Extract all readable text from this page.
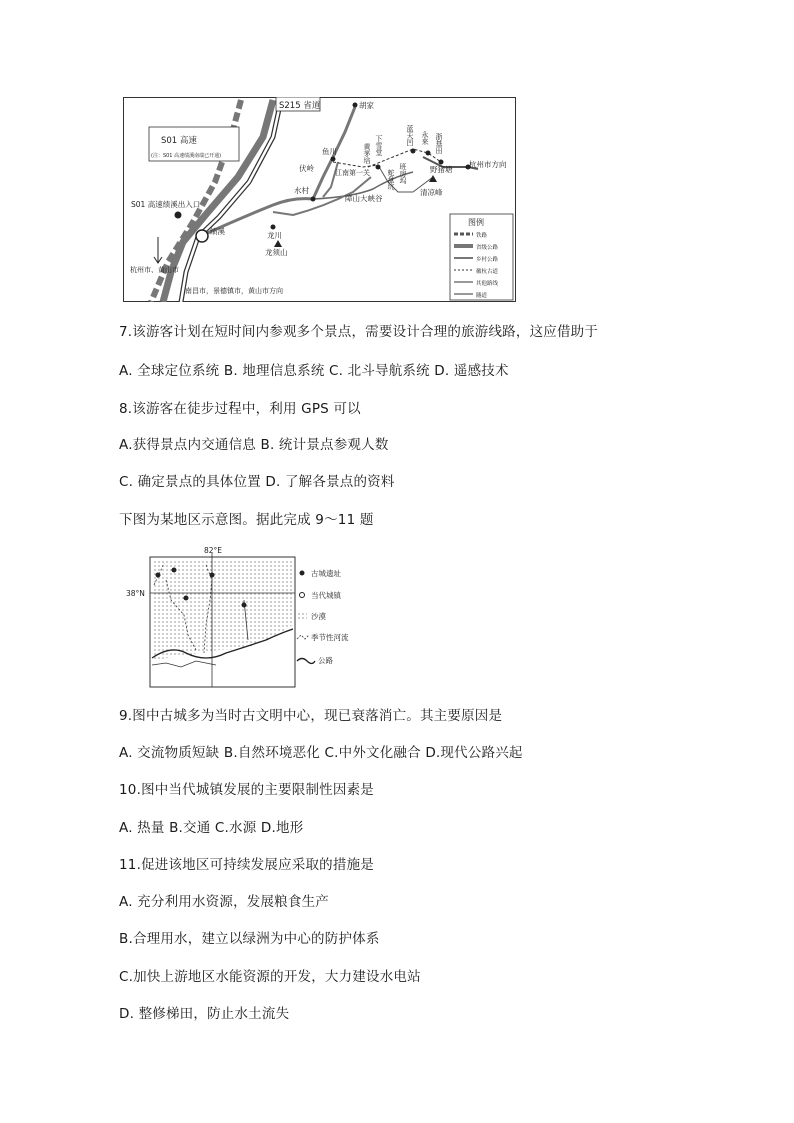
S215 省道
S01 高速
(注：S01 高速绩溪南端已开通)
胡家
鱼川
伏岭
黄茅培 下雪堂
江南第一关
蓝天凹 永来 浙基田
班房坞
蛇盘坑	野猪塘
杭州市方向
水村	清凉峰
障山大峡谷
S01 高速绩溪出入口
绩溪	龙川
龙须山
杭州市、黄山市
南昌市，景德镇市，黄山市方向
图例
铁路
省级公路
乡村公路
徽杭古道
其他路线
隧道
7.该游客计划在短时间内参观多个景点，需要设计合理的旅游线路，这应借助于
A. 全球定位系统 B. 地理信息系统 C. 北斗导航系统 D. 遥感技术
8.该游客在徒步过程中，利用 GPS 可以
A.获得景点内交通信息 B. 统计景点参观人数
C. 确定景点的具体位置 D. 了解各景点的资料
下图为某地区示意图。据此完成 9～11 题
82°E
38°N
古城遗址
当代城镇
沙漠
季节性河流
公路
9.图中古城多为当时古文明中心，现已衰落消亡。其主要原因是
A. 交流物质短缺 B.自然环境恶化 C.中外文化融合 D.现代公路兴起
10.图中当代城镇发展的主要限制性因素是
A. 热量 B.交通 C.水源 D.地形
11.促进该地区可持续发展应采取的措施是
A. 充分利用水资源，发展粮食生产
B.合理用水，建立以绿洲为中心的防护体系
C.加快上游地区水能资源的开发，大力建设水电站
D. 整修梯田，防止水土流失
